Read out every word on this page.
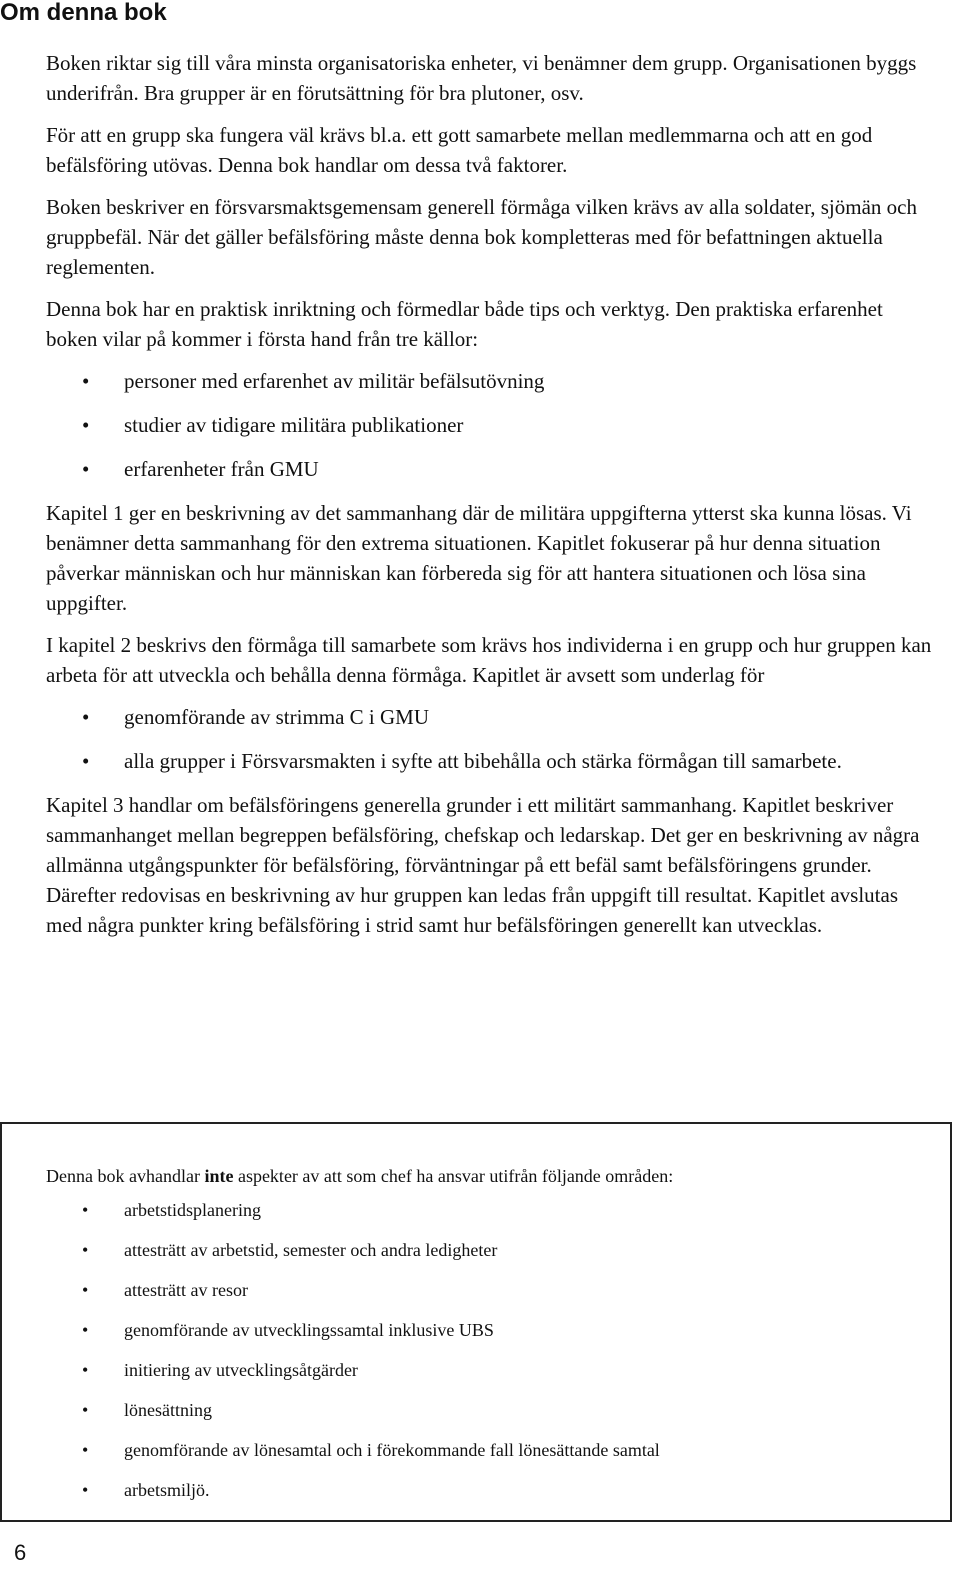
Om denna bok

Boken riktar sig till våra minsta organisatoriska enheter, vi benämner dem grupp. Organisationen byggs underifrån. Bra grupper är en förutsättning för bra plutoner, osv.

För att en grupp ska fungera väl krävs bl.a. ett gott samarbete mellan medlemmarna och att en god befälsföring utövas. Denna bok handlar om dessa två faktorer.

Boken beskriver en försvarsmaktsgemensam generell förmåga vilken krävs av alla soldater, sjömän och gruppbefäl. När det gäller befälsföring måste denna bok kompletteras med för befattningen aktuella reglementen.

Denna bok har en praktisk inriktning och förmedlar både tips och verktyg. Den praktiska erfarenhet boken vilar på kommer i första hand från tre källor:

• personer med erfarenhet av militär befälsutövning
• studier av tidigare militära publikationer
• erfarenheter från GMU

Kapitel 1 ger en beskrivning av det sammanhang där de militära uppgifterna ytterst ska kunna lösas. Vi benämner detta sammanhang för den extrema situationen. Kapitlet fokuserar på hur denna situation påverkar människan och hur människan kan förbereda sig för att hantera situationen och lösa sina uppgifter.

I kapitel 2 beskrivs den förmåga till samarbete som krävs hos individerna i en grupp och hur gruppen kan arbeta för att utveckla och behålla denna förmåga. Kapitlet är avsett som underlag för

• genomförande av strimma C i GMU
• alla grupper i Försvarsmakten i syfte att bibehålla och stärka förmågan till samarbete.

Kapitel 3 handlar om befälsföringens generella grunder i ett militärt sammanhang. Kapitlet beskriver sammanhanget mellan begreppen befälsföring, chefskap och ledarskap. Det ger en beskrivning av några allmänna utgångspunkter för befälsföring, förväntningar på ett befäl samt befälsföringens grunder. Därefter redovisas en beskrivning av hur gruppen kan ledas från uppgift till resultat. Kapitlet avslutas med några punkter kring befälsföring i strid samt hur befälsföringen generellt kan utvecklas.

Denna bok avhandlar inte aspekter av att som chef ha ansvar utifrån följande områden:

• arbetstidsplanering
• attesträtt av arbetstid, semester och andra ledigheter
• attesträtt av resor
• genomförande av utvecklingssamtal inklusive UBS
• initiering av utvecklingsåtgärder
• lönesättning
• genomförande av lönesamtal och i förekommande fall lönesättande samtal
• arbetsmiljö.
6
